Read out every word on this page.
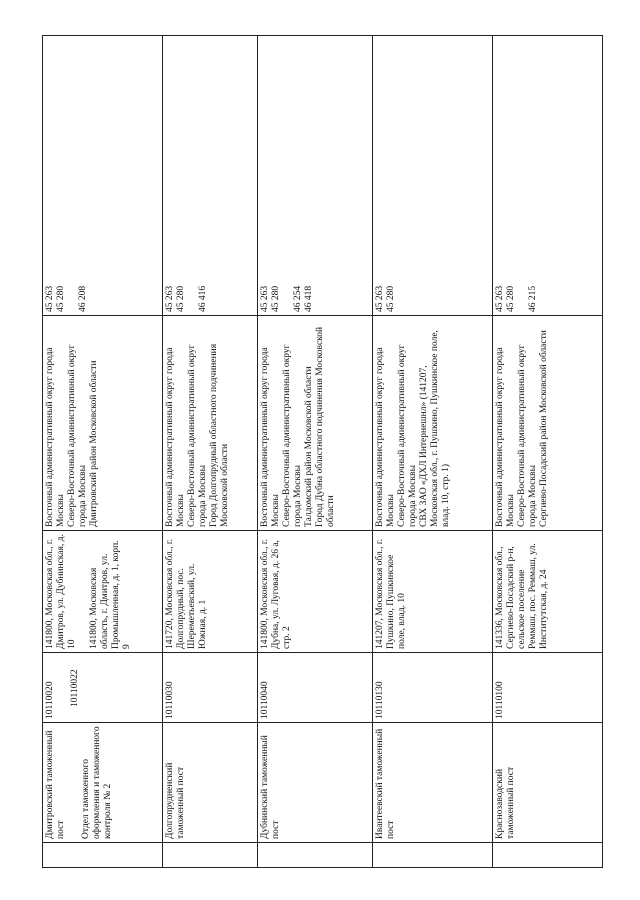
	Дмитровский таможенный пост Отдел таможенного оформления и таможенного контроля № 2	10110020 10110022	141800, Московская обл., г. Дмитров, ул. Дубнинская, д. 10 141800, Московская область, г. Дмитров, ул. Промышленная, д. 1, корп. 9	Восточный административный округ города Москвы Северо-Восточный административный округ города Москвы Дмитровский район Московской области	45 263 45 280 46 208

	Долгопрудненский таможенный пост	10110030	141720, Московская обл., г. Долгопрудный, пос. Шереметьевский, ул. Южная, д. 1	Восточный административный округ города Москвы Северо-Восточный административный округ города Москвы Город Долгопрудный областного подчинения Московской области	45 263 45 280 46 416

	Дубнинский таможенный пост	10110040	141800, Московская обл., г. Дубна, ул. Луговая, д. 26 а, стр. 2	Восточный административный округ города Москвы Северо-Восточный административный округ города Москвы Талдомский район Московской области Город Дубна областного подчинения Московской области	45 263 45 280 46 254 46 418

	Ивантеевский таможенный пост	10110130	141207, Московская обл., г. Пушкино, Пушкинское поле, влад. 10	Восточный административный округ города Москвы Северо-Восточный административный округ города Москвы СВХ ЗАО «ДХЛ Интернешнл» (141207, Московская обл., г. Пушкино, Пушкинское поле, влад. 10, стр. 1)	45 263 45 280

	Краснозаводский таможенный пост	10110100	141336, Московская обл., Сергиево-Посадский р-н, сельское поселение Реммаш, пос. Реммаш, ул. Институтская, д. 24	Восточный административный округ города Москвы Северо-Восточный административный округ города Москвы Сергиево-Посадский район Московской области	45 263 45 280 46 215
